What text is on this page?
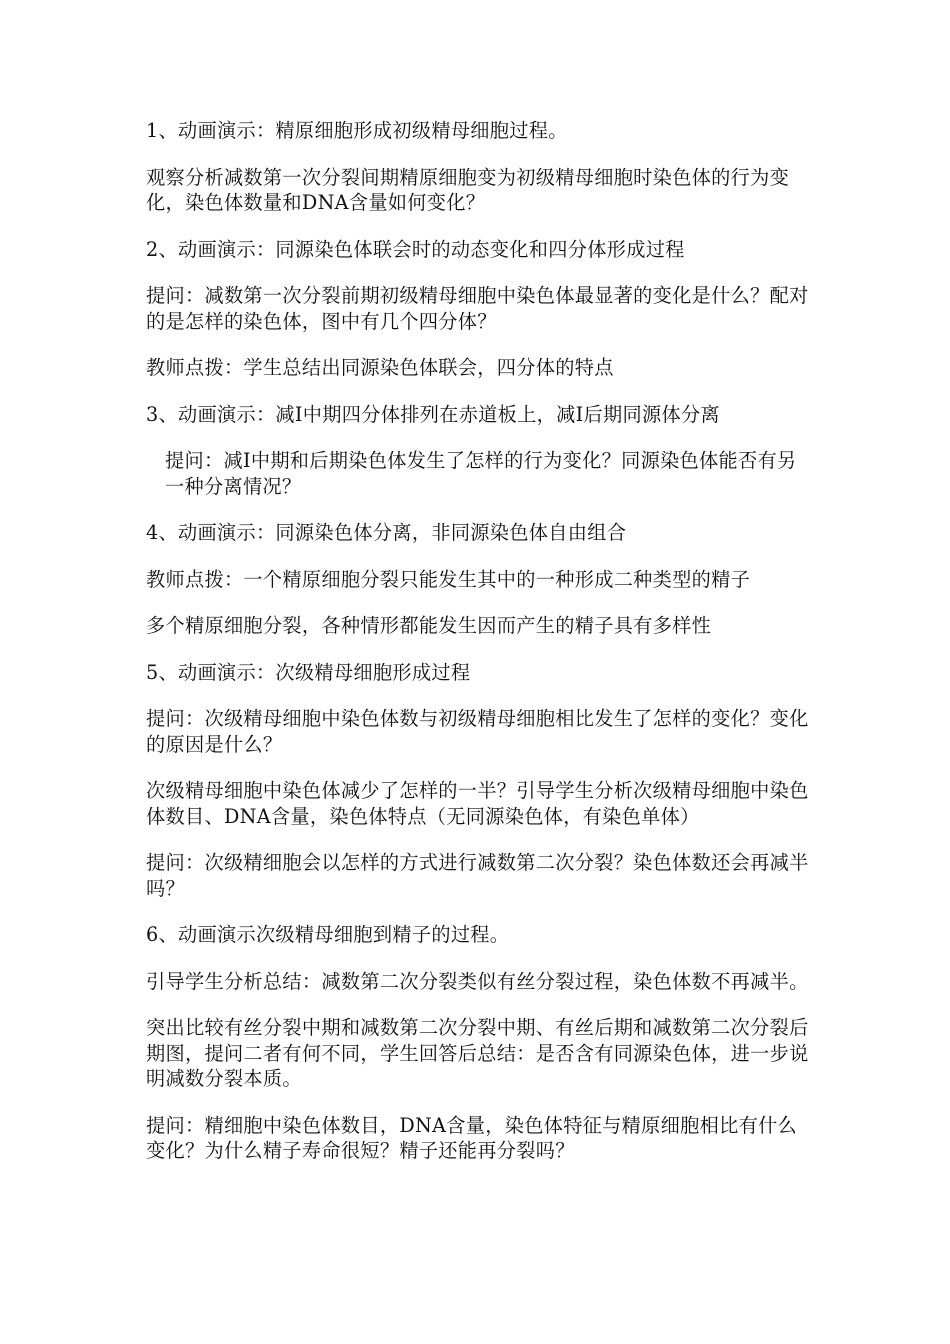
1、动画演示：精原细胞形成初级精母细胞过程。

观察分析减数第一次分裂间期精原细胞变为初级精母细胞时染色体的行为变化，染色体数量和DNA含量如何变化？

2、动画演示：同源染色体联会时的动态变化和四分体形成过程

提问：减数第一次分裂前期初级精母细胞中染色体最显著的变化是什么？配对的是怎样的染色体，图中有几个四分体？

教师点拨：学生总结出同源染色体联会，四分体的特点

3、动画演示：减Ⅰ中期四分体排列在赤道板上，减Ⅰ后期同源体分离

提问：减Ⅰ中期和后期染色体发生了怎样的行为变化？同源染色体能否有另一种分离情况？

4、动画演示：同源染色体分离，非同源染色体自由组合

教师点拨：一个精原细胞分裂只能发生其中的一种形成二种类型的精子

多个精原细胞分裂，各种情形都能发生因而产生的精子具有多样性

5、动画演示：次级精母细胞形成过程

提问：次级精母细胞中染色体数与初级精母细胞相比发生了怎样的变化？变化的原因是什么？

次级精母细胞中染色体减少了怎样的一半？引导学生分析次级精母细胞中染色体数目、DNA含量，染色体特点（无同源染色体，有染色单体）

提问：次级精细胞会以怎样的方式进行减数第二次分裂？染色体数还会再减半吗？

6、动画演示次级精母细胞到精子的过程。

引导学生分析总结：减数第二次分裂类似有丝分裂过程，染色体数不再减半。

突出比较有丝分裂中期和减数第二次分裂中期、有丝后期和减数第二次分裂后期图，提问二者有何不同，学生回答后总结：是否含有同源染色体，进一步说明减数分裂本质。

提问：精细胞中染色体数目，DNA含量，染色体特征与精原细胞相比有什么变化？为什么精子寿命很短？精子还能再分裂吗？
